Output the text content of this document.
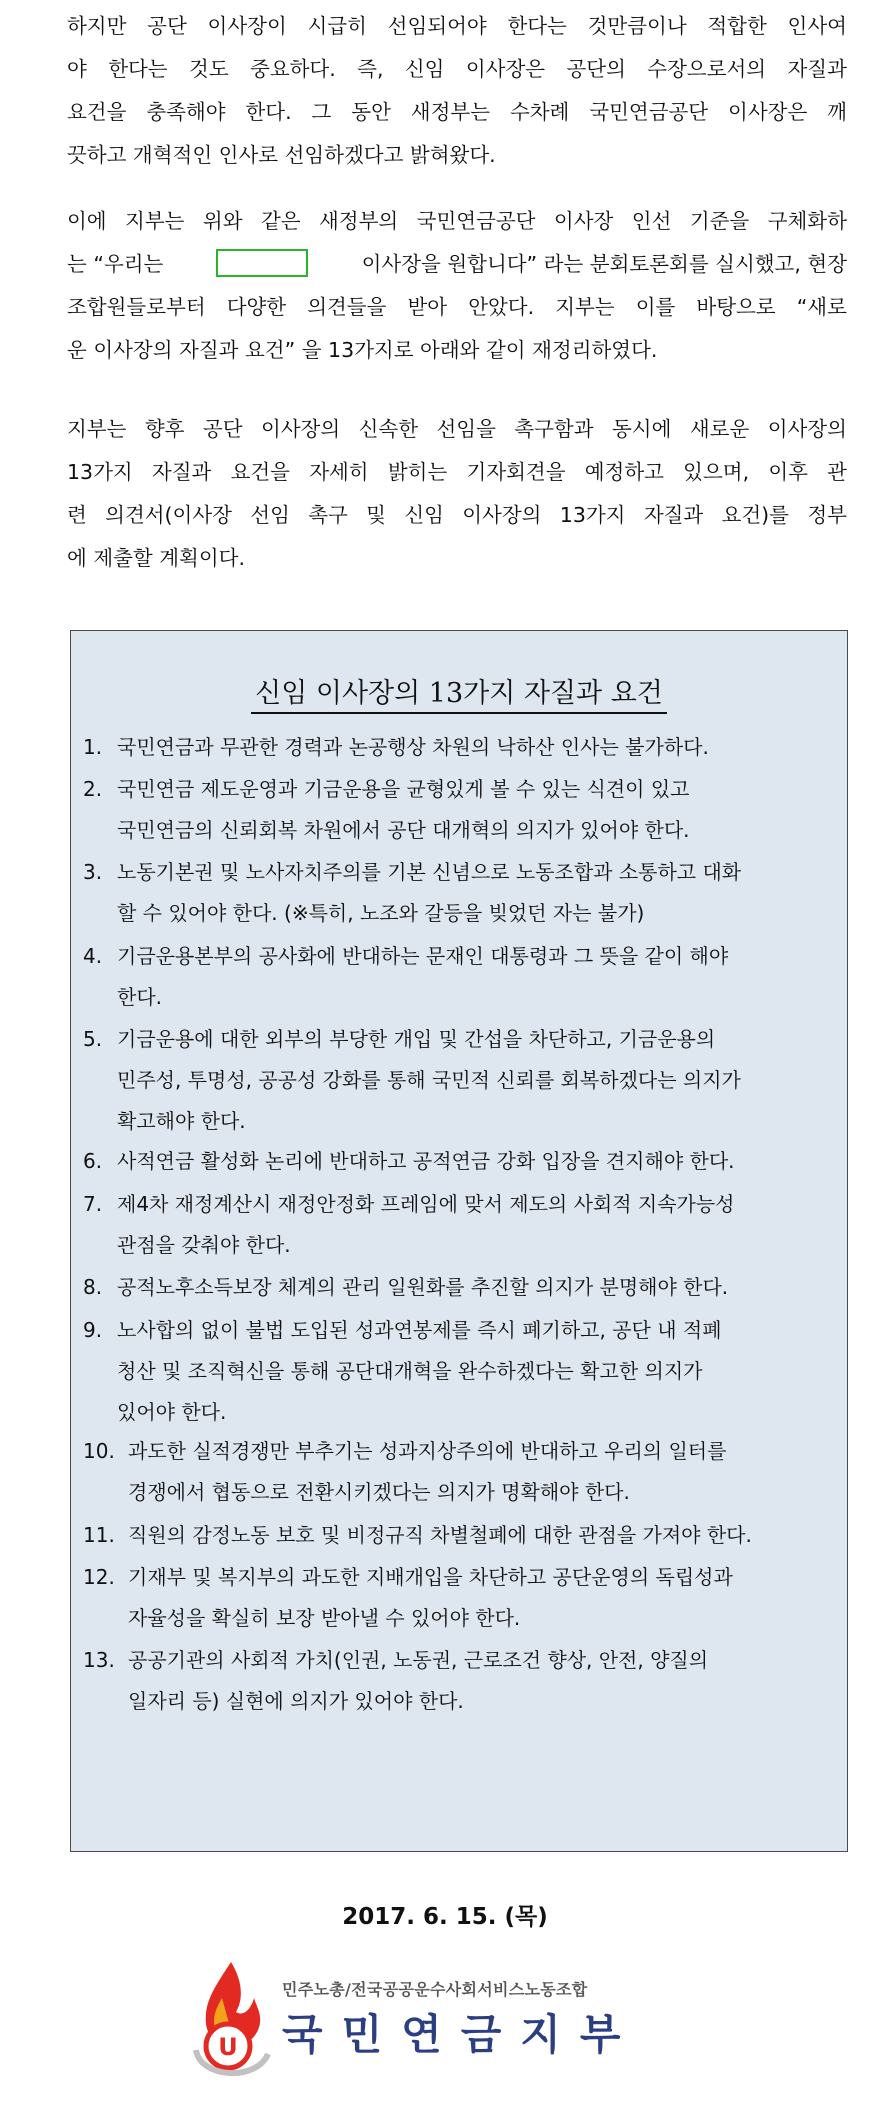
하지만 공단 이사장이 시급히 선임되어야 한다는 것만큼이나 적합한 인사여
야 한다는 것도 중요하다. 즉, 신임 이사장은 공단의 수장으로서의 자질과
요건을 충족해야 한다. 그 동안 새정부는 수차례 국민연금공단 이사장은 깨
끗하고 개혁적인 인사로 선임하겠다고 밝혀왔다.
이에 지부는 위와 같은 새정부의 국민연금공단 이사장 인선 기준을 구체화하
는 “우리는	이사장을 원합니다” 라는 분회토론회를 실시했고, 현장
조합원들로부터 다양한 의견들을 받아 안았다. 지부는 이를 바탕으로 “새로
운 이사장의 자질과 요건” 을 13가지로 아래와 같이 재정리하였다.
지부는 향후 공단 이사장의 신속한 선임을 촉구함과 동시에 새로운 이사장의
13가지 자질과 요건을 자세히 밝히는 기자회견을 예정하고 있으며, 이후 관
련 의견서(이사장 선임 촉구 및 신임 이사장의 13가지 자질과 요건)를 정부
에 제출할 계획이다.
신임 이사장의 13가지 자질과 요건
1. 국민연금과 무관한 경력과 논공행상 차원의 낙하산 인사는 불가하다.
2. 국민연금 제도운영과 기금운용을 균형있게 볼 수 있는 식견이 있고
국민연금의 신뢰회복 차원에서 공단 대개혁의 의지가 있어야 한다.
3. 노동기본권 및 노사자치주의를 기본 신념으로 노동조합과 소통하고 대화
할 수 있어야 한다. (※특히, 노조와 갈등을 빚었던 자는 불가)
4. 기금운용본부의 공사화에 반대하는 문재인 대통령과 그 뜻을 같이 해야
한다.
5. 기금운용에 대한 외부의 부당한 개입 및 간섭을 차단하고, 기금운용의
민주성, 투명성, 공공성 강화를 통해 국민적 신뢰를 회복하겠다는 의지가
확고해야 한다.
6. 사적연금 활성화 논리에 반대하고 공적연금 강화 입장을 견지해야 한다.
7. 제4차 재정계산시 재정안정화 프레임에 맞서 제도의 사회적 지속가능성
관점을 갖춰야 한다.
8. 공적노후소득보장 체계의 관리 일원화를 추진할 의지가 분명해야 한다.
9. 노사합의 없이 불법 도입된 성과연봉제를 즉시 폐기하고, 공단 내 적폐
청산 및 조직혁신을 통해 공단대개혁을 완수하겠다는 확고한 의지가
있어야 한다.
10. 과도한 실적경쟁만 부추기는 성과지상주의에 반대하고 우리의 일터를
경쟁에서 협동으로 전환시키겠다는 의지가 명확해야 한다.
11. 직원의 감정노동 보호 및 비정규직 차별철폐에 대한 관점을 가져야 한다.
12. 기재부 및 복지부의 과도한 지배개입을 차단하고 공단운영의 독립성과
자율성을 확실히 보장 받아낼 수 있어야 한다.
13. 공공기관의 사회적 가치(인권, 노동권, 근로조건 향상, 안전, 양질의
일자리 등) 실현에 의지가 있어야 한다.
2017. 6. 15. (목)
U
민주노총/전국공공운수사회서비스노동조합
국민연금지부
